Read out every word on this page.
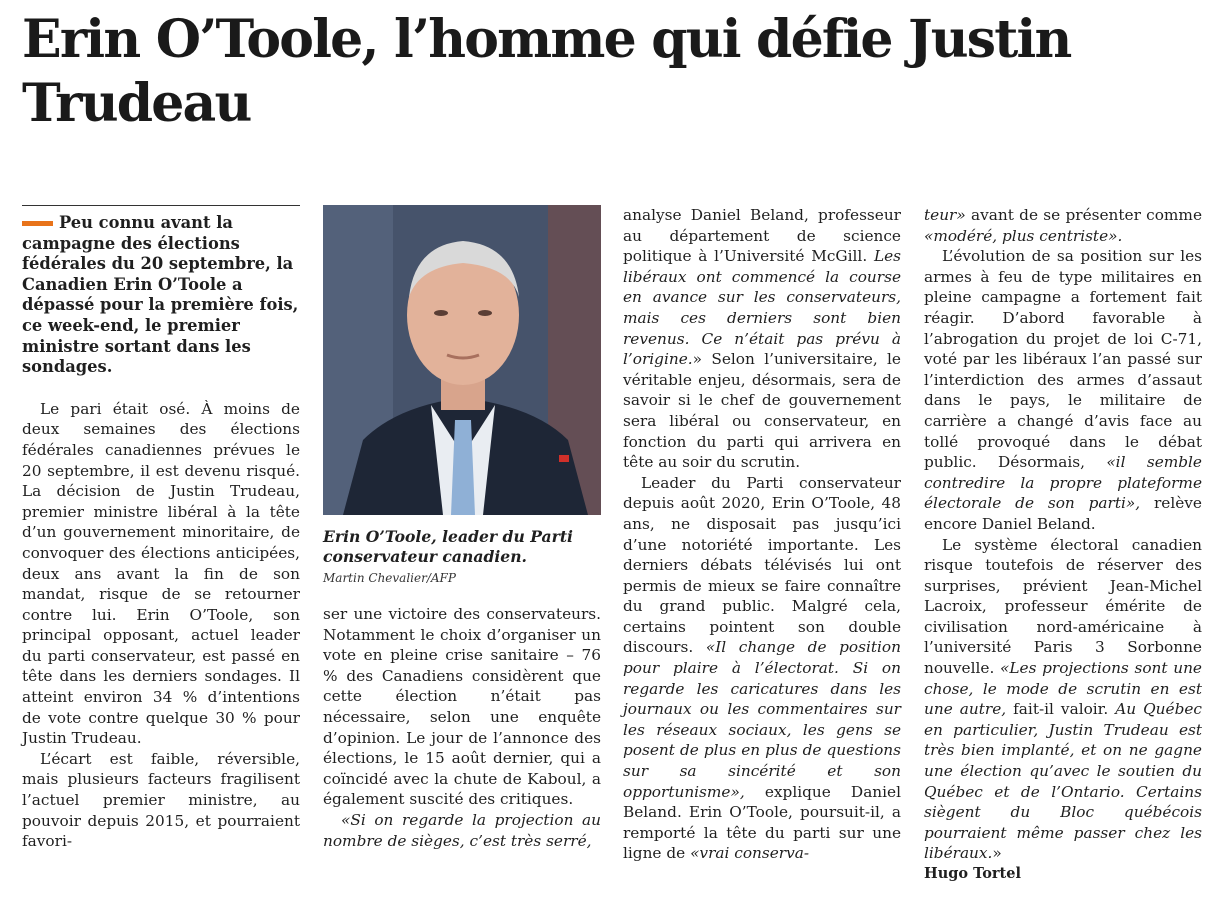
Erin O’Toole, l’homme qui défie Justin Trudeau

Peu connu avant la campagne des élections fédérales du 20 septembre, la Canadien Erin O’Toole a dépassé pour la première fois, ce week-end, le premier ministre sortant dans les sondages.

Le pari était osé. À moins de deux semaines des élections fédérales canadiennes prévues le 20 septembre, il est devenu risqué. La décision de Justin Trudeau, premier ministre libéral à la tête d’un gouvernement minoritaire, de convoquer des élections anticipées, deux ans avant la fin de son mandat, risque de se retourner contre lui. Erin O’Toole, son principal opposant, actuel leader du parti conservateur, est passé en tête dans les derniers sondages. Il atteint environ 34 % d’intentions de vote contre quelque 30 % pour Justin Trudeau.

L’écart est faible, réversible, mais plusieurs facteurs fragilisent l’actuel premier ministre, au pouvoir depuis 2015, et pourraient favori-

Erin O’Toole, leader du Parti conservateur canadien.
Martin Chevalier/AFP

ser une victoire des conservateurs. Notamment le choix d’organiser un vote en pleine crise sanitaire – 76 % des Canadiens considèrent que cette élection n’était pas nécessaire, selon une enquête d’opinion. Le jour de l’annonce des élections, le 15 août dernier, qui a coïncidé avec la chute de Kaboul, a également suscité des critiques.

«Si on regarde la projection au nombre de sièges, c’est très serré,

analyse Daniel Beland, professeur au département de science politique à l’Université McGill. Les libéraux ont commencé la course en avance sur les conservateurs, mais ces derniers sont bien revenus. Ce n’était pas prévu à l’origine.» Selon l’universitaire, le véritable enjeu, désormais, sera de savoir si le chef de gouvernement sera libéral ou conservateur, en fonction du parti qui arrivera en tête au soir du scrutin.

Leader du Parti conservateur depuis août 2020, Erin O’Toole, 48 ans, ne disposait pas jusqu’ici d’une notoriété importante. Les derniers débats télévisés lui ont permis de mieux se faire connaître du grand public. Malgré cela, certains pointent son double discours. «Il change de position pour plaire à l’électorat. Si on regarde les caricatures dans les journaux ou les commentaires sur les réseaux sociaux, les gens se posent de plus en plus de questions sur sa sincérité et son opportunisme», explique Daniel Beland. Erin O’Toole, poursuit-il, a remporté la tête du parti sur une ligne de «vrai conserva-

teur» avant de se présenter comme «modéré, plus centriste».

L’évolution de sa position sur les armes à feu de type militaires en pleine campagne a fortement fait réagir. D’abord favorable à l’abrogation du projet de loi C-71, voté par les libéraux l’an passé sur l’interdiction des armes d’assaut dans le pays, le militaire de carrière a changé d’avis face au tollé provoqué dans le débat public. Désormais, «il semble contredire la propre plateforme électorale de son parti», relève encore Daniel Beland.

Le système électoral canadien risque toutefois de réserver des surprises, prévient Jean-Michel Lacroix, professeur émérite de civilisation nord-américaine à l’université Paris 3 Sorbonne nouvelle. «Les projections sont une chose, le mode de scrutin en est une autre, fait-il valoir. Au Québec en particulier, Justin Trudeau est très bien implanté, et on ne gagne une élection qu’avec le soutien du Québec et de l’Ontario. Certains siègent du Bloc québécois pourraient même passer chez les libéraux.»

Hugo Tortel
